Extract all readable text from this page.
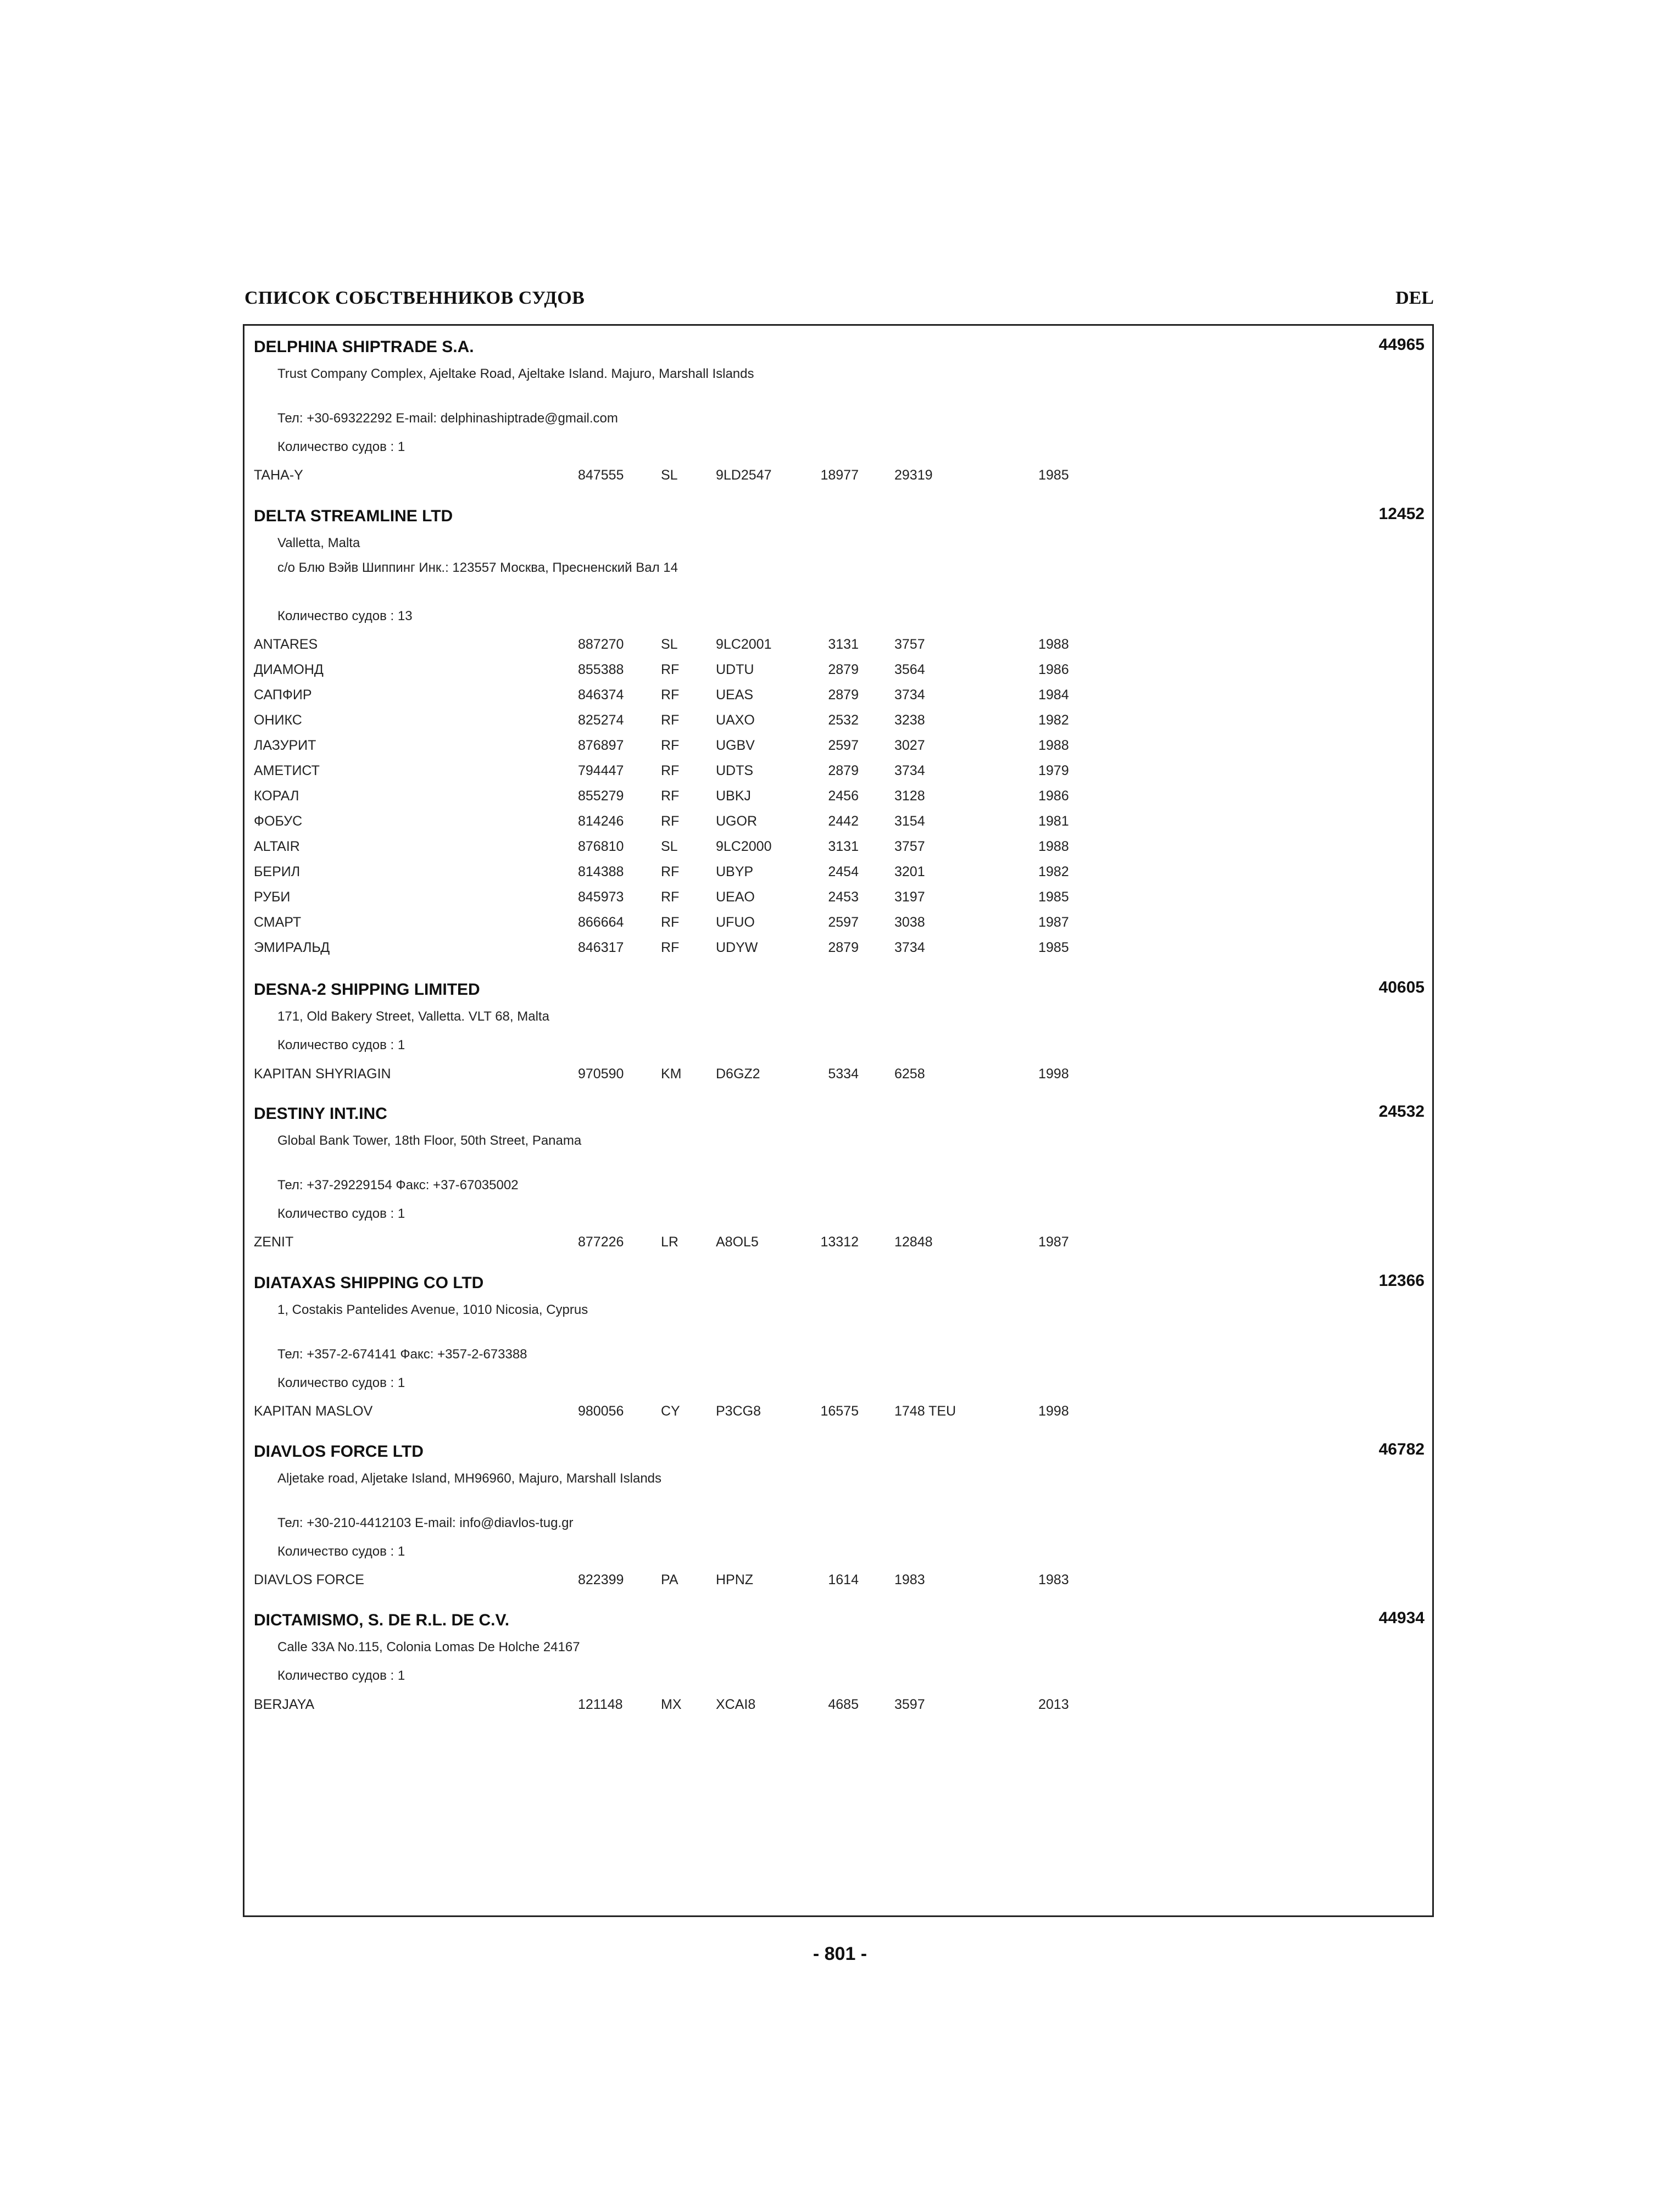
СПИСОК СОБСТВЕННИКОВ СУДОВ	DEL
DELPHINA SHIPTRADE S.A.	44965
Trust Company Complex, Ajeltake Road, Ajeltake Island. Majuro, Marshall Islands
Тел: +30-69322292 E-mail: delphinashiptrade@gmail.com
Количество судов : 1
TAHA-Y	847555	SL	9LD2547	18977	29319	1985
DELTA STREAMLINE LTD	12452
Valletta, Malta
c/o Блю Вэйв Шиппинг Инк.: 123557 Москва, Пресненский Вал 14
Количество судов : 13
ANTARES	887270	SL	9LC2001	3131	3757	1988
ДИАМОНД	855388	RF	UDTU	2879	3564	1986
САПФИР	846374	RF	UEAS	2879	3734	1984
ОНИКС	825274	RF	UAXO	2532	3238	1982
ЛАЗУРИТ	876897	RF	UGBV	2597	3027	1988
АМЕТИСТ	794447	RF	UDTS	2879	3734	1979
КОРАЛ	855279	RF	UBKJ	2456	3128	1986
ФОБУС	814246	RF	UGOR	2442	3154	1981
ALTAIR	876810	SL	9LC2000	3131	3757	1988
БЕРИЛ	814388	RF	UBYP	2454	3201	1982
РУБИ	845973	RF	UEAO	2453	3197	1985
СМАРТ	866664	RF	UFUO	2597	3038	1987
ЭМИРАЛЬД	846317	RF	UDYW	2879	3734	1985
DESNA-2 SHIPPING LIMITED	40605
171, Old Bakery Street, Valletta. VLT 68, Malta
Количество судов : 1
KAPITAN SHYRIAGIN	970590	KM	D6GZ2	5334	6258	1998
DESTINY INT.INC	24532
Global Bank Tower, 18th Floor, 50th Street, Panama
Тел: +37-29229154 Факс: +37-67035002
Количество судов : 1
ZENIT	877226	LR	A8OL5	13312	12848	1987
DIATAXAS SHIPPING CO LTD	12366
1, Costakis Pantelides Avenue, 1010 Nicosia, Cyprus
Тел: +357-2-674141 Факс: +357-2-673388
Количество судов : 1
KAPITAN MASLOV	980056	CY	P3CG8	16575	1748 TEU	1998
DIAVLOS FORCE LTD	46782
Aljetake road, Aljetake Island, MH96960, Majuro, Marshall Islands
Тел: +30-210-4412103 E-mail: info@diavlos-tug.gr
Количество судов : 1
DIAVLOS FORCE	822399	PA	HPNZ	1614	1983	1983
DICTAMISMO, S. DE R.L. DE C.V.	44934
Calle 33A No.115, Colonia Lomas De Holche 24167
Количество судов : 1
BERJAYA	121148	MX	XCAI8	4685	3597	2013
- 801 -
